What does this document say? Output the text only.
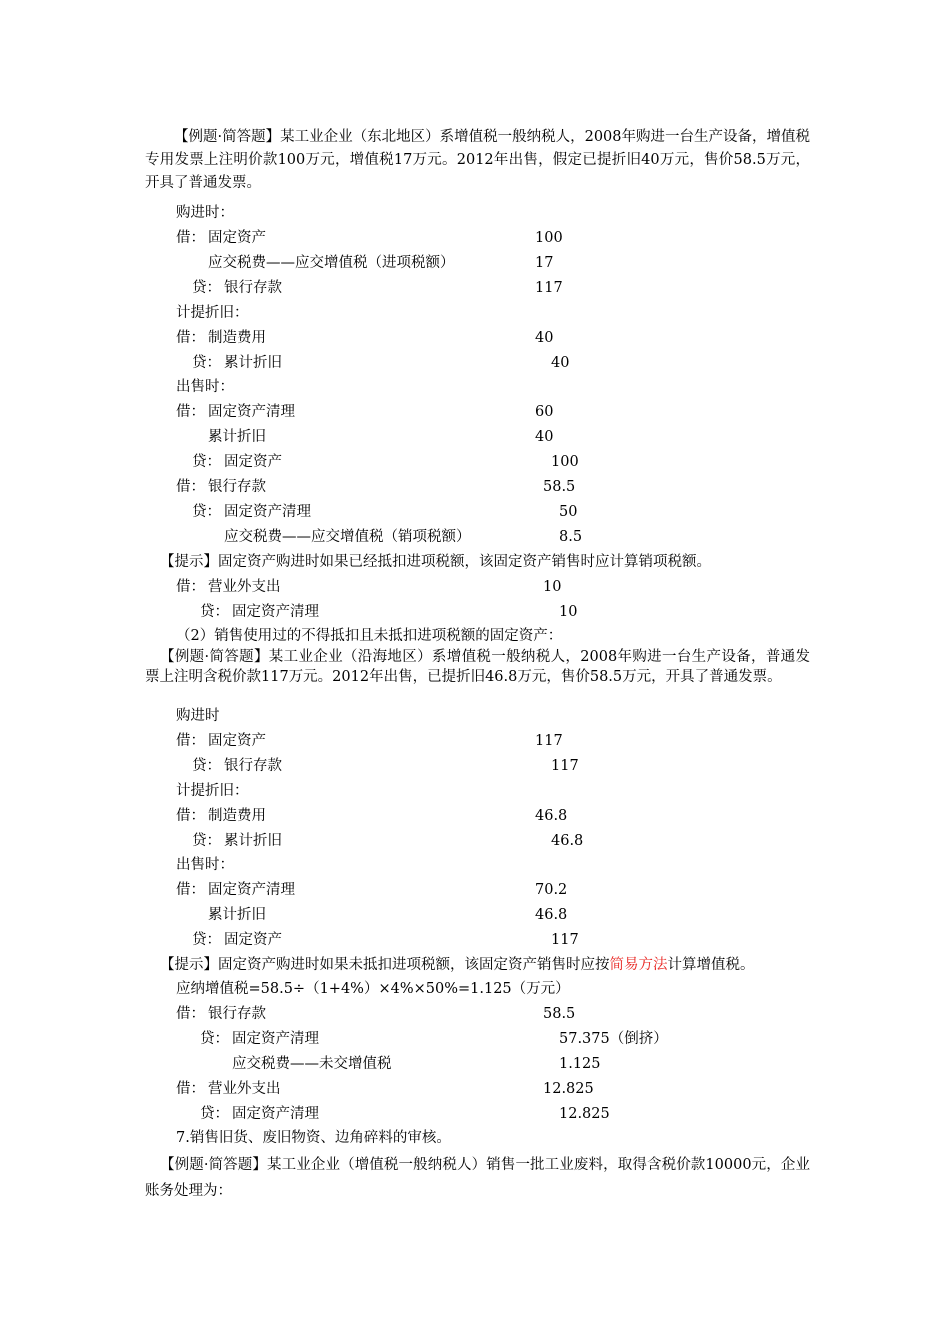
【例题·简答题】某工业企业（东北地区）系增值税一般纳税人，2008年购进一台生产设备，增值税专用发票上注明价款100万元，增值税17万元。2012年出售，假定已提折旧40万元，售价58.5万元，开具了普通发票。
购进时：

借： 固定资产	100

应交税费——应交增值税（进项税额）	17

贷： 银行存款	117

计提折旧：

借： 制造费用	40

贷： 累计折旧	40

出售时：

借： 固定资产清理	60

累计折旧	40

贷： 固定资产	100

借： 银行存款	58.5

贷： 固定资产清理	50

应交税费——应交增值税（销项税额）	8.5

【提示】固定资产购进时如果已经抵扣进项税额，该固定资产销售时应计算销项税额。

借： 营业外支出	10

贷： 固定资产清理	10

（2）销售使用过的不得抵扣且未抵扣进项税额的固定资产：
【例题·简答题】某工业企业（沿海地区）系增值税一般纳税人，2008年购进一台生产设备，普通发票上注明含税价款117万元。2012年出售，已提折旧46.8万元，售价58.5万元，开具了普通发票。
购进时

借： 固定资产	117

贷： 银行存款	117

计提折旧：

借： 制造费用	46.8

贷： 累计折旧	46.8

出售时：

借： 固定资产清理	70.2

累计折旧	46.8

贷： 固定资产	117

【提示】固定资产购进时如果未抵扣进项税额，该固定资产销售时应按简易方法计算增值税。

应纳增值税=58.5÷（1+4%）×4%×50%=1.125（万元）

借： 银行存款	58.5

贷： 固定资产清理	57.375（倒挤）

应交税费——未交增值税	1.125

借： 营业外支出	12.825

贷： 固定资产清理	12.825

7.销售旧货、废旧物资、边角碎料的审核。
【例题·简答题】某工业企业（增值税一般纳税人）销售一批工业废料，取得含税价款10000元，企业账务处理为：
